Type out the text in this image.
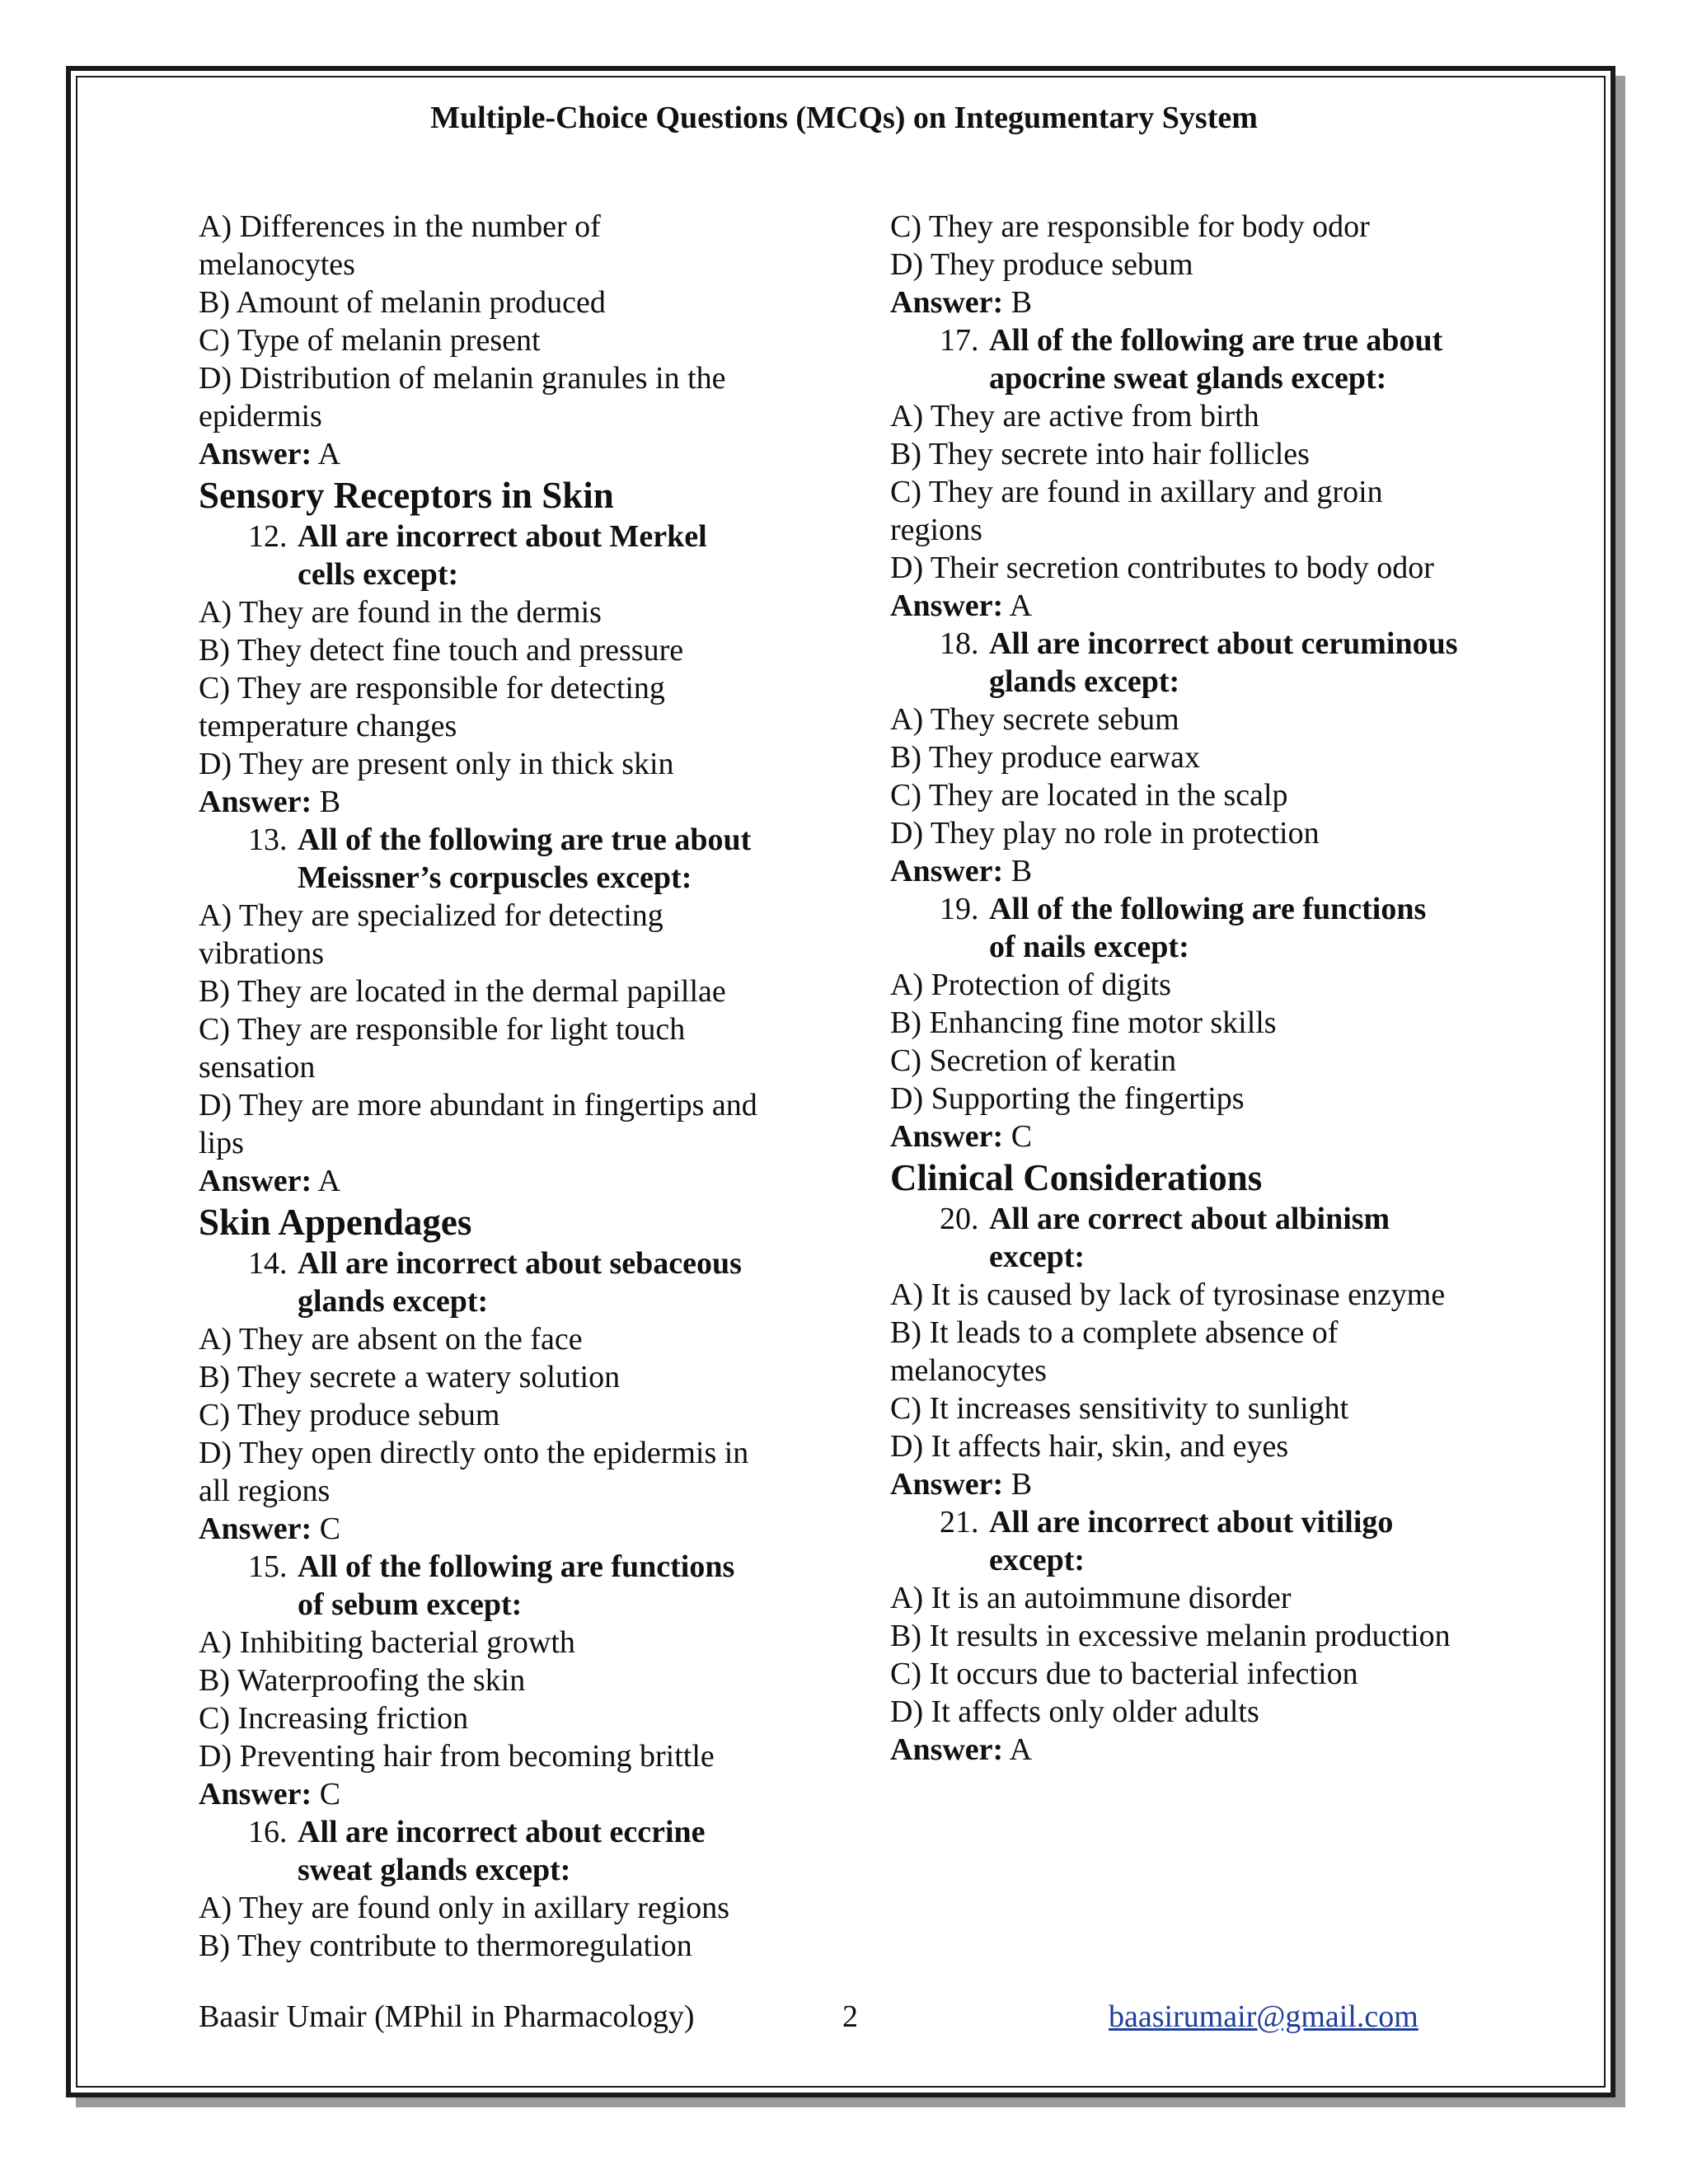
Multiple-Choice Questions (MCQs) on Integumentary System
A) Differences in the number of
melanocytes
B) Amount of melanin produced
C) Type of melanin present
D) Distribution of melanin granules in the
epidermis
Answer: A
Sensory Receptors in Skin
12. All are incorrect about Merkel
cells except:
A) They are found in the dermis
B) They detect fine touch and pressure
C) They are responsible for detecting
temperature changes
D) They are present only in thick skin
Answer: B
13. All of the following are true about
Meissner’s corpuscles except:
A) They are specialized for detecting
vibrations
B) They are located in the dermal papillae
C) They are responsible for light touch
sensation
D) They are more abundant in fingertips and
lips
Answer: A
Skin Appendages
14. All are incorrect about sebaceous
glands except:
A) They are absent on the face
B) They secrete a watery solution
C) They produce sebum
D) They open directly onto the epidermis in
all regions
Answer: C
15. All of the following are functions
of sebum except:
A) Inhibiting bacterial growth
B) Waterproofing the skin
C) Increasing friction
D) Preventing hair from becoming brittle
Answer: C
16. All are incorrect about eccrine
sweat glands except:
A) They are found only in axillary regions
B) They contribute to thermoregulation
C) They are responsible for body odor
D) They produce sebum
Answer: B
17. All of the following are true about
apocrine sweat glands except:
A) They are active from birth
B) They secrete into hair follicles
C) They are found in axillary and groin
regions
D) Their secretion contributes to body odor
Answer: A
18. All are incorrect about ceruminous
glands except:
A) They secrete sebum
B) They produce earwax
C) They are located in the scalp
D) They play no role in protection
Answer: B
19. All of the following are functions
of nails except:
A) Protection of digits
B) Enhancing fine motor skills
C) Secretion of keratin
D) Supporting the fingertips
Answer: C
Clinical Considerations
20. All are correct about albinism
except:
A) It is caused by lack of tyrosinase enzyme
B) It leads to a complete absence of
melanocytes
C) It increases sensitivity to sunlight
D) It affects hair, skin, and eyes
Answer: B
21. All are incorrect about vitiligo
except:
A) It is an autoimmune disorder
B) It results in excessive melanin production
C) It occurs due to bacterial infection
D) It affects only older adults
Answer: A
Baasir Umair (MPhil in Pharmacology)	2	baasirumair@gmail.com
